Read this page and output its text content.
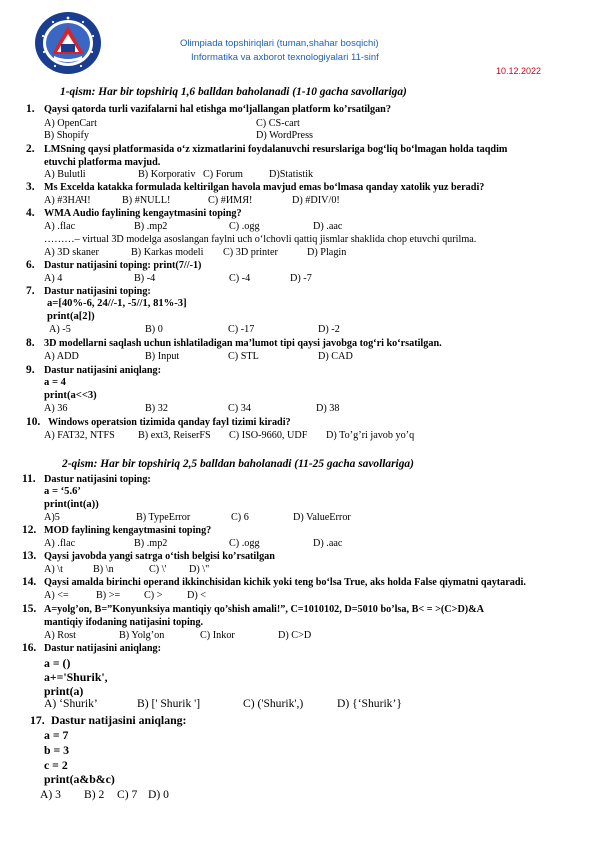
Olimpiada topshiriqlari (tuman,shahar bosqichi)
Informatika va axborot texnologiyalari 11-sinf
10.12.2022
1-qism: Har bir topshiriq 1,6 balldan baholanadi (1-10 gacha savollariga)
1. Qaysi qatorda turli vazifalarni hal etishga mo‘ljallangan platform ko’rsatilgan?
A) OpenCart	C) CS-cart
B) Shopify	D) WordPress
2. LMSning qaysi platformasida o‘z xizmatlarini foydalanuvchi resurslariga bog‘liq bo‘lmagan holda taqdim
etuvchi platforma mavjud.
A) Bulutli	B) Korporativ C) Forum	D)Statistik
3. Ms Excelda katakka formulada keltirilgan havola mavjud emas bo‘lmasa qanday xatolik yuz beradi?
A) #ЗНАЧ!	B) #NULL!	C) #ИМЯ!	D) #DIV/0!
4. WMA Audio faylining kengaytmasini toping?
A) .flac	B) .mp2	C) .ogg	D) .aac
………– virtual 3D modelga asoslangan faylni uch o‘lchovli qattiq jismlar shaklida chop etuvchi qurilma.
A) 3D skaner	B) Karkas modeli C) 3D printer	D) Plagin
6. Dastur natijasini toping: print(7//-1)
A) 4	B) -4	C) -4	D) -7
7. Dastur natijasini toping:
a=[40%-6, 24//-1, -5//1, 81%-3]
print(a[2])
A) -5	B) 0	C) -17	D) -2
8. 3D modellarni saqlash uchun ishlatiladigan ma’lumot tipi qaysi javobga tog‘ri ko‘rsatilgan.
A) ADD	B) Input	C) STL	D) CAD
9. Dastur natijasini aniqlang:
a = 4
print(a<<3)
A) 36	B) 32	C) 34	D) 38
10. Windows operatsion tizimida qanday fayl tizimi kiradi?
A) FAT32, NTFS B) ext3, ReiserFS C) ISO-9660, UDF D) To’g’ri javob yo’q
2-qism: Har bir topshiriq 2,5 balldan baholanadi (11-25 gacha savollariga)
11. Dastur natijasini toping:
a = ‘5.6’
print(int(a))
A)5	B) TypeError	C) 6	D) ValueError
12. MOD faylining kengaytmasini toping?
A) .flac	B) .mp2	C) .ogg	D) .aac
13. Qaysi javobda yangi satrga o‘tish belgisi ko’rsatilgan
A) \t	B) \n	C) \' D) \"
14. Qaysi amalda birinchi operand ikkinchisidan kichik yoki teng bo‘lsa True, aks holda False qiymatni qaytaradi.
A) <=	B) >= C) > D) <
15. A=yolg’on, B=”Konyunksiya mantiqiy qo’shish amali!”, C=1010102, D=5010 bo’lsa, B< = >(C>D)&A
mantiqiy ifodaning natijasini toping.
A) Rost	B) Yolg’on	C) Inkor	D) C>D
16. Dastur natijasini aniqlang:
a = ()
a+='Shurik',
print(a)
A) ‘Shurik’	B) [' Shurik ']	C) ('Shurik',)	D) {‘Shurik’}
17. Dastur natijasini aniqlang:
a = 7
b = 3
c = 2
print(a&b&c)
A) 3 B) 2 C) 7 D) 0
